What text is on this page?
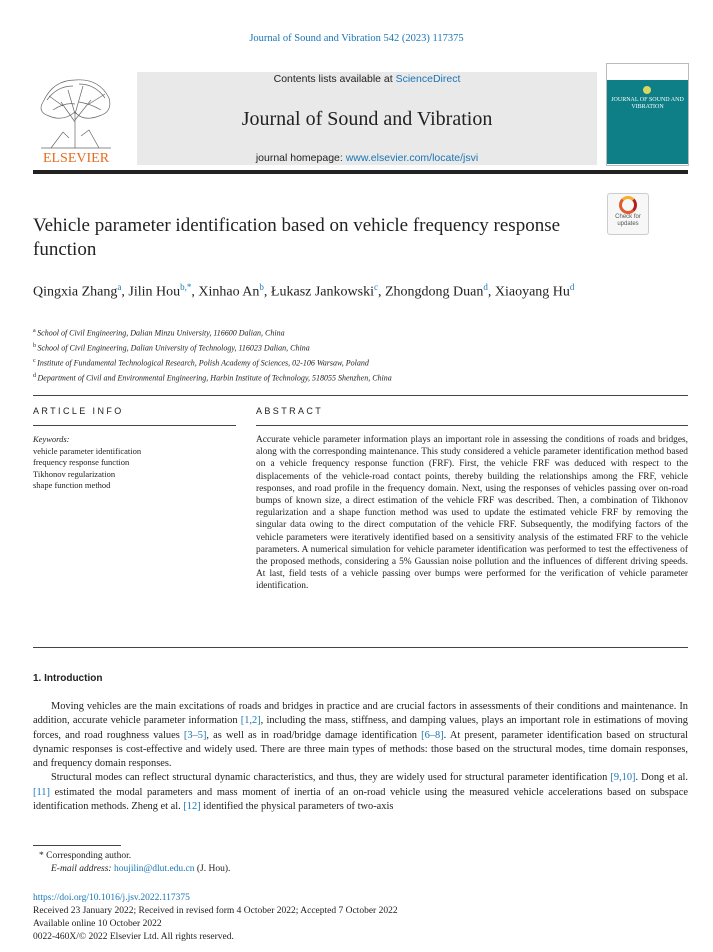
Journal of Sound and Vibration 542 (2023) 117375
ELSEVIER
Contents lists available at ScienceDirect
Journal of Sound and Vibration
journal homepage: www.elsevier.com/locate/jsvi
JOURNAL OF SOUND AND VIBRATION
Check for
updates
Vehicle parameter identification based on vehicle frequency response function
Qingxia Zhang$^a$, Jilin Hou$^{b,*}$, Xinhao An$^b$, Łukasz Jankowski$^c$, Zhongdong Duan$^d$, Xiaoyang Hu$^d$
$^a$ School of Civil Engineering, Dalian Minzu University, 116600 Dalian, China
$^b$ School of Civil Engineering, Dalian University of Technology, 116023 Dalian, China
$^c$ Institute of Fundamental Technological Research, Polish Academy of Sciences, 02-106 Warsaw, Poland
$^d$ Department of Civil and Environmental Engineering, Harbin Institute of Technology, 518055 Shenzhen, China
ARTICLE INFO	ABSTRACT
Keywords:
vehicle parameter identification
frequency response function
Tikhonov regularization
shape function method
Accurate vehicle parameter information plays an important role in assessing the conditions of roads and bridges, along with the corresponding maintenance. This study considered a vehicle parameter identification method based on a vehicle frequency response function (FRF). First, the vehicle FRF was deduced with respect to the displacements of the vehicle-road contact points, thereby building the relationships among the FRF, vehicle responses, and road profile in the frequency domain. Next, using the responses of vehicles passing over on-road bumps of known size, a direct estimation of the vehicle FRF was described. Then, a combination of Tikhonov regularization and a shape function method was used to update the estimated vehicle FRF by removing the singular data owing to the direct computation of the vehicle FRF. Subsequently, the modifying factors of the vehicle parameters were iteratively identified based on a sensitivity analysis of the estimated FRF to the vehicle parameters. A numerical simulation for vehicle parameter identification was performed to test the effectiveness of the proposed methods, considering a 5% Gaussian noise pollution and the influences of different driving speeds. At last, field tests of a vehicle passing over bumps were performed for the verification of vehicle parameter identification.
1. Introduction

Moving vehicles are the main excitations of roads and bridges in practice and are crucial factors in assessments of their conditions and maintenance. In addition, accurate vehicle parameter information [1,2], including the mass, stiffness, and damping values, plays an important role in estimations of moving forces, and road roughness values [3–5], as well as in road/bridge damage identification [6–8]. At present, parameter identification based on structural dynamic responses is cost-effective and widely used. There are three main types of methods: those based on the structural modes, time domain responses, and frequency domain responses.

Structural modes can reflect structural dynamic characteristics, and thus, they are widely used for structural parameter identification [9,10]. Dong et al. [11] estimated the modal parameters and mass moment of inertia of an on-road vehicle using the measured vehicle accelerations based on subspace identification methods. Zheng et al. [12] identified the physical parameters of two-axis

* Corresponding author.
E-mail address: houjilin@dlut.edu.cn (J. Hou).
https://doi.org/10.1016/j.jsv.2022.117375
Received 23 January 2022; Received in revised form 4 October 2022; Accepted 7 October 2022
Available online 10 October 2022
0022-460X/© 2022 Elsevier Ltd. All rights reserved.
